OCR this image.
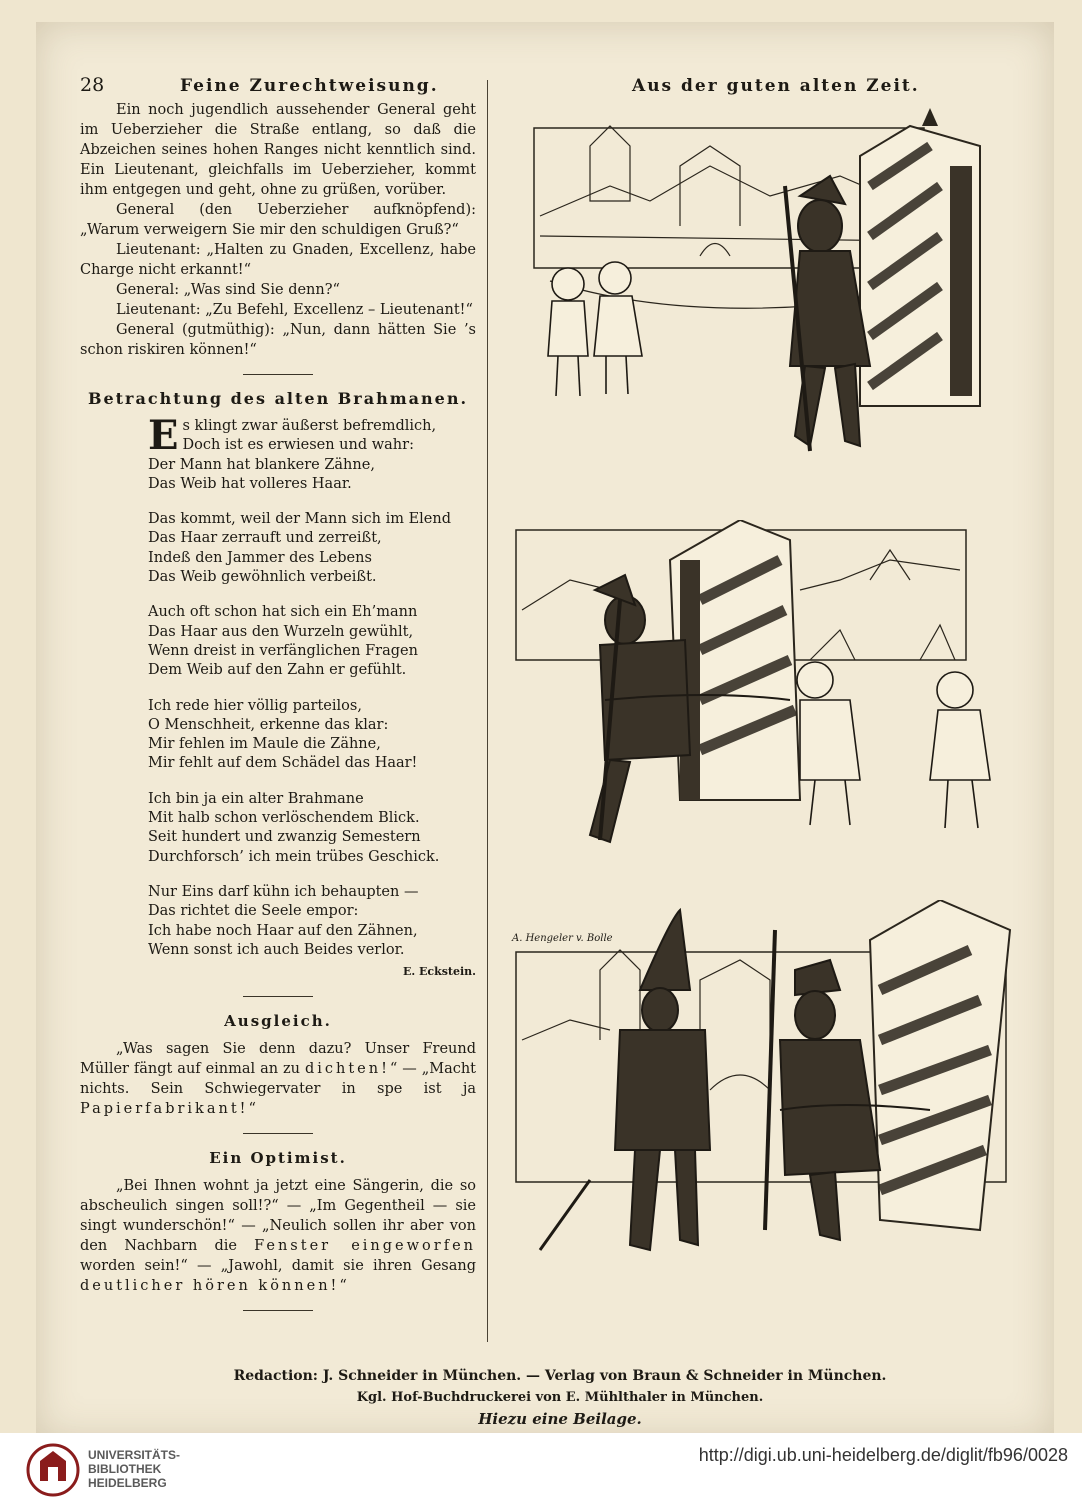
28	Feine Zurechtweisung.	Aus der guten alten Zeit.

Ein noch jugendlich aussehender General geht im Ueberzieher die Straße entlang, so daß die Abzeichen seines hohen Ranges nicht kenntlich sind. Ein Lieutenant, gleichfalls im Ueberzieher, kommt ihm entgegen und geht, ohne zu grüßen, vorüber.

General (den Ueberzieher aufknöpfend): „Warum verweigern Sie mir den schuldigen Gruß?“

Lieutenant: „Halten zu Gnaden, Excellenz, habe Charge nicht erkannt!“

General: „Was sind Sie denn?“

Lieutenant: „Zu Befehl, Excellenz – Lieutenant!“

General (gutmüthig): „Nun, dann hätten Sie ’s schon riskiren können!“

Betrachtung des alten Brahmanen.
E s klingt zwar äußerst befremdlich,
Doch ist es erwiesen und wahr:
Der Mann hat blankere Zähne,
Das Weib hat volleres Haar.
Das kommt, weil der Mann sich im Elend
Das Haar zerrauft und zerreißt,
Indeß den Jammer des Lebens
Das Weib gewöhnlich verbeißt.
Auch oft schon hat sich ein Eh’mann
Das Haar aus den Wurzeln gewühlt,
Wenn dreist in verfänglichen Fragen
Dem Weib auf den Zahn er gefühlt.
Ich rede hier völlig parteilos,
O Menschheit, erkenne das klar:
Mir fehlen im Maule die Zähne,
Mir fehlt auf dem Schädel das Haar!
Ich bin ja ein alter Brahmane
Mit halb schon verlöschendem Blick.
Seit hundert und zwanzig Semestern
Durchforsch’ ich mein trübes Geschick.
Nur Eins darf kühn ich behaupten —
Das richtet die Seele empor:
Ich habe noch Haar auf den Zähnen,
Wenn sonst ich auch Beides verlor.
E. Eckstein.
Ausgleich.

„Was sagen Sie denn dazu? Unser Freund Müller fängt auf einmal an zu dichten!“ — „Macht nichts. Sein Schwiegervater in spe ist ja Papierfabrikant!“

Ein Optimist.

„Bei Ihnen wohnt ja jetzt eine Sängerin, die so abscheulich singen soll!?“ — „Im Gegentheil — sie singt wunderschön!“ — „Neulich sollen ihr aber von den Nachbarn die Fenster eingeworfen worden sein!“ — „Jawohl, damit sie ihren Gesang deutlicher hören können!“

A. Hengeler v. Bolle
Redaction: J. Schneider in München. — Verlag von Braun & Schneider in München.
Kgl. Hof-Buchdruckerei von E. Mühlthaler in München.
Hiezu eine Beilage.
UNIVERSITÄTS-
BIBLIOTHEK
HEIDELBERG
http://digi.ub.uni-heidelberg.de/diglit/fb96/0028
